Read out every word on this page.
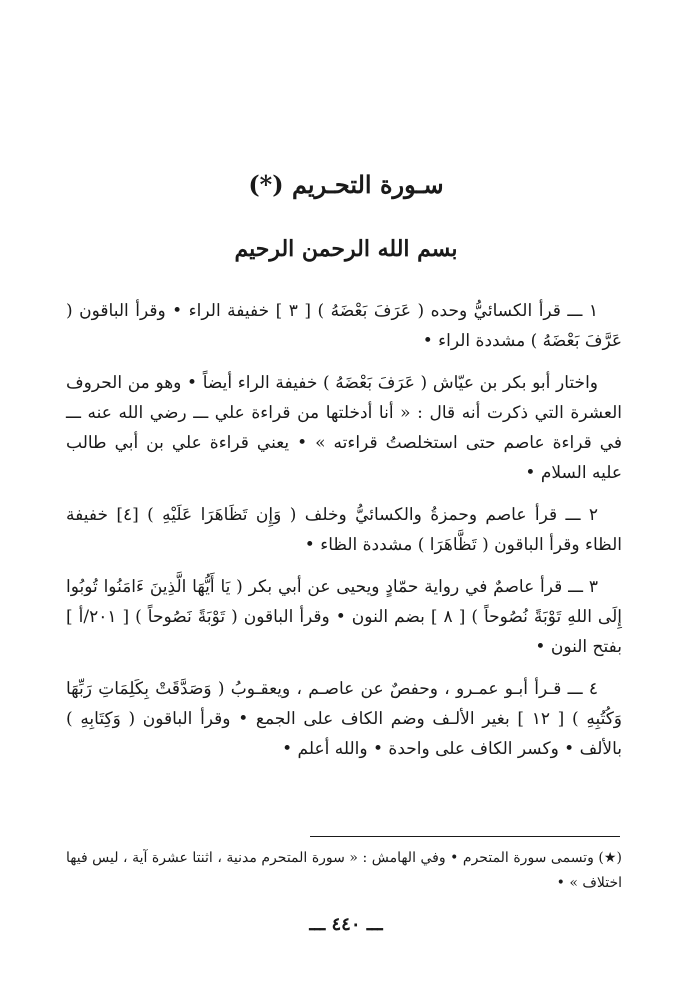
سـورة التحـريم (*)
بسم الله الرحمن الرحيم

١ ـــ قرأ الكسائيُّ وحده ( عَرَفَ بَعْضَهُ ) [ ٣ ] خفيفة الراء • وقرأ الباقون ( عَرَّفَ بَعْضَهُ ) مشددة الراء •

واختار أبو بكر بن عيّاش ( عَرَفَ بَعْضَهُ ) خفيفة الراء أيضاً • وهو من الحروف العشرة التي ذكرت أنه قال : « أنا أدخلتها من قراءة علي ـــ رضي الله عنه ـــ في قراءة عاصم حتى استخلصتُ قراءته » • يعني قراءة علي بن أبي طالب عليه السلام •

٢ ـــ قرأ عاصم وحمزةُ والكسائيُّ وخلف ( وَإِن تَظَاهَرَا عَلَيْهِ ) [٤] خفيفة الظاء وقرأ الباقون ( تَظَّاهَرَا ) مشددة الظاء •

٣ ـــ قرأ عاصمٌ في رواية حمّادٍ ويحيى عن أبي بكر ( يَا أَيُّهَا الَّذِينَ ءَامَنُوا تُوبُوا إِلَى اللهِ تَوْبَةً نُصُوحاً ) [ ٨ ] بضم النون • وقرأ الباقون ( تَوْبَةً نَصُوحاً ) [ ٢٠١/أ ] بفتح النون •

٤ ـــ قـرأ أبـو عمـرو ، وحفصٌ عن عاصـم ، ويعقـوبُ ( وَصَدَّقَتْ بِكَلِمَاتِ رَبِّهَا وَكُتُبِهِ ) [ ١٢ ] بغير الألـف وضم الكاف على الجمع • وقرأ الباقون ( وَكِتَابِهِ ) بالألف • وكسر الكاف على واحدة • والله أعلم •

(★) وتسمى سورة المتحرم • وفي الهامش : « سورة المتحرم مدنية ، اثنتا عشرة آية ، ليس فيها اختلاف » •
ـــ ٤٤٠ ـــ
